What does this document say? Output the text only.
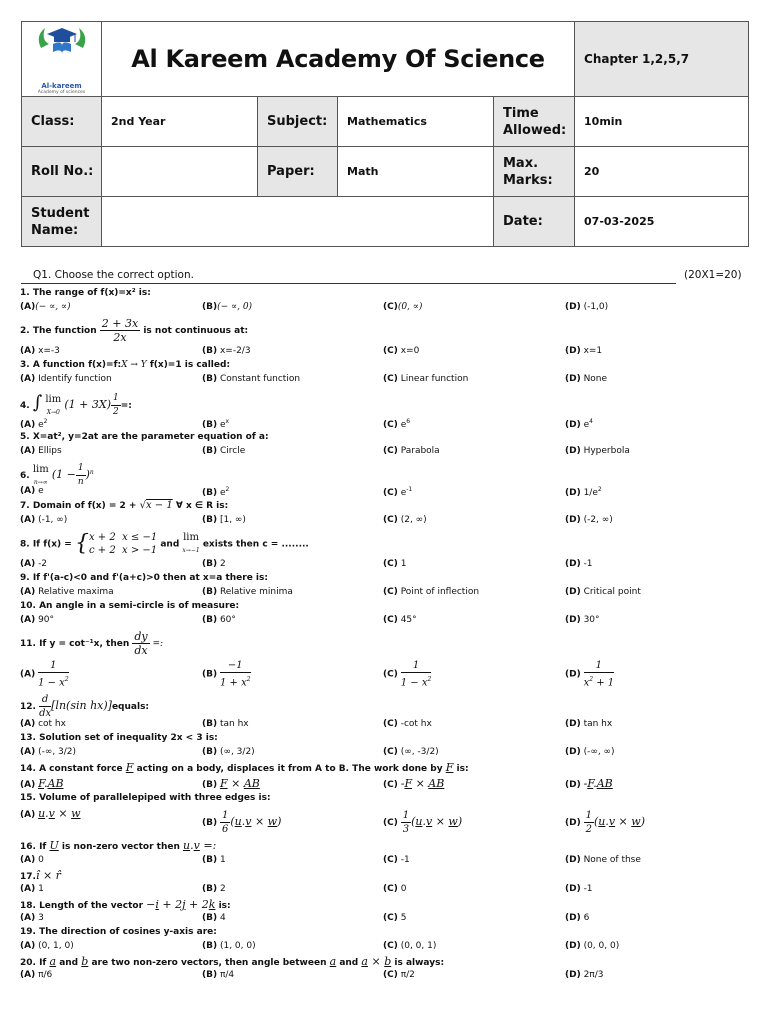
Al-kareem
Academy of sciences	Al Kareem Academy Of Science				Chapter 1,2,5,7
Class:	2nd Year	Subject:	Mathematics	Time Allowed:	10min
Roll No.:		Paper:	Math	Max. Marks:	20
Student Name:				Date:	07-03-2025
Q1. Choose the correct option.	(20X1=20)
1. The range of f(x)=x² is:
(A)(− ∝, ∝)	(B)(− ∝, 0)	(C)(0, ∝)	(D) (-1,0)
2. The function $\frac{2 + 3x}{2x}$ is not continuous at:
(A) x=-3	(B) x=-2/3	(C) x=0	(D) x=1
3. A function f(x)=f:X → Y f(x)=1 is called:
(A) Identify function	(B) Constant function	(C) Linear function	(D) None
4. ∫ lim
X→0
$(1 + 3X) \frac{1}{2}$ =:
(A) $e^2$	(B) $e^x$	(C) $e^6$	(D) $e^4$
5. X=at², y=2at are the parameter equation of a:
(A) Ellips	(B) Circle	(C) Parabola	(D) Hyperbola
6.
lim
n→∞
$(1 - \frac{1}{n} )^n$
(A) e	(B) $e^2$	(C) $e^{-1}$	(D) $1/e^2$
7. Domain of f(x) = 2 + √x − 1 ∀ x ∈ R is:
(A) (-1, ∞)	(B) [1, ∞)	(C) (2, ∞)	(D) (-2, ∞)
8. If f(x) = { x + 2  x ≤ −1
c + 2  x > −1
and
lim
x→−1
exists then c = ........
(A) -2	(B) 2	(C) 1	(D) -1
9. If f'(a-c)<0 and f'(a+c)>0 then at x=a there is:
(A) Relative maxima	(B) Relative minima	(C) Point of inflection	(D) Critical point
10. An angle in a semi-circle is of measure:
(A) 90°	(B) 60°	(C) 45°	(D) 30°
11. If y = cot⁻¹x, then $\frac{dy}{dx}$ =:
$(A) \frac{1}{1 - x^2}$	$(B) \frac{-1}{1 + x^2}$	$(C) \frac{1}{1 - x^2}$	$(D) \frac{1}{x^2 + 1}$
12. $\frac{d}{dx} [\ln(\sin$ hx)]equals:
(A) cot hx	(B) tan hx	(C) -cot hx	(D) tan hx
13. Solution set of inequality 2x < 3 is:
(A) (-∞, 3/2)	(B) (∞, 3/2)	(C) (∞, -3/2)	(D) (-∞, ∞)
14. A constant force F acting on a body, displaces it from A to B. The work done by F is:
(A) F.AB	(B) F × AB	(C) -F × AB	(D) -F.AB
15. Volume of parallelepiped with three edges is:
(A) u.v × w
$(B) \frac{1}{6} (u.v \times w)$	$(C) \frac{1}{3} (u.v \times w)$	$(D) \frac{1}{2} (u.v \times w)$
16. If U is non-zero vector then u.v =:
(A) 0	(B) 1	(C) -1	(D) None of thse
17.î × r̂
(A) 1	(B) 2	(C) 0	(D) -1
18. Length of the vector −i + 2j + 2k is:
(A) 3	(B) 4	(C) 5	(D) 6
19. The direction of cosines y-axis are:
(A) (0, 1, 0)	(B) (1, 0, 0)	(C) (0, 0, 1)	(D) (0, 0, 0)
20. If a and b are two non-zero vectors, then angle between a and a × b is always:
(A) π/6	(B) π/4	(C) π/2	(D) 2π/3
